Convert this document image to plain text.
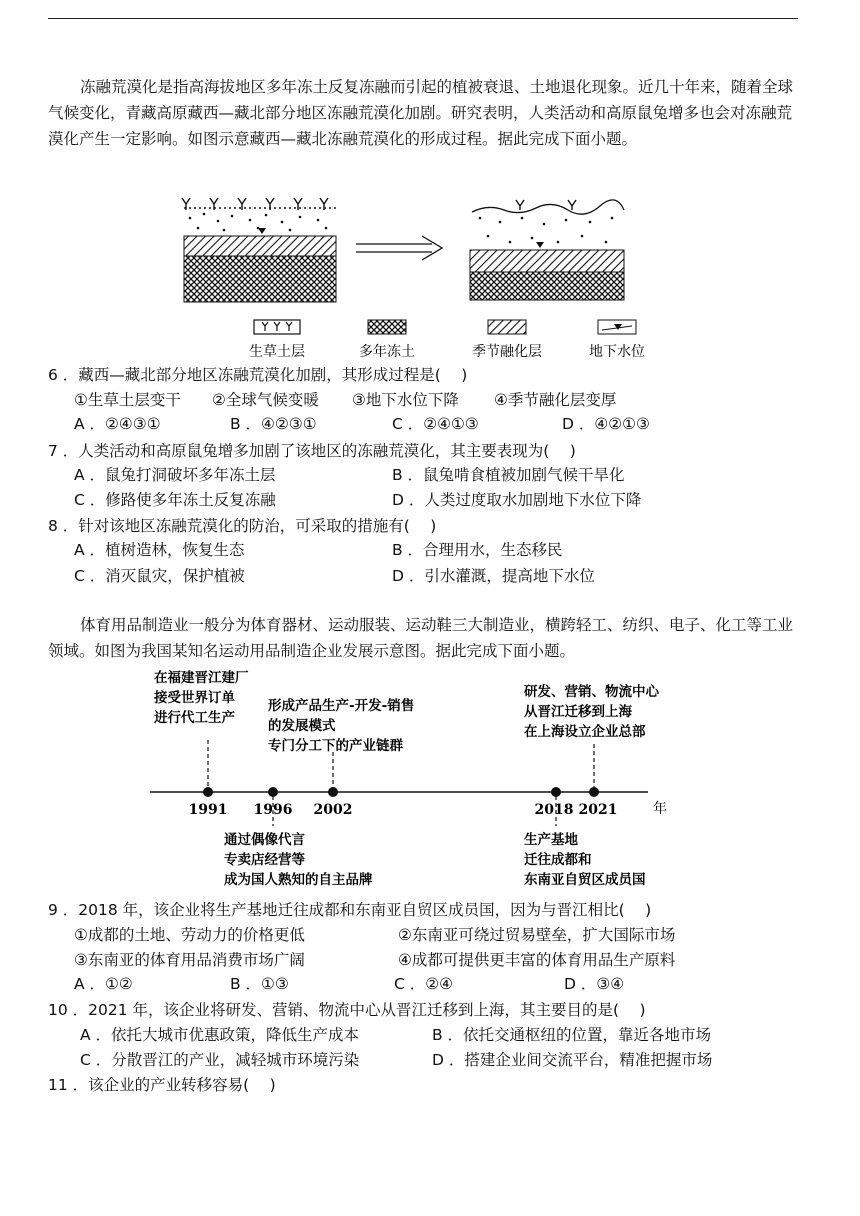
冻融荒漠化是指高海拔地区多年冻土反复冻融而引起的植被衰退、土地退化现象。近几十年来，随着全球气候变化，青藏高原藏西—藏北部分地区冻融荒漠化加剧。研究表明，人类活动和高原鼠兔增多也会对冻融荒漠化产生一定影响。如图示意藏西—藏北冻融荒漠化的形成过程。据此完成下面小题。

生草土层	多年冻土	季节融化层	地下水位
6 ．藏西—藏北部分地区冻融荒漠化加剧，其形成过程是(　 )
①生草土层变干 ②全球气候变暖 ③地下水位下降 ④季节融化层变厚
A ．②④③①	B ．④②③①	C ．②④①③	D ．④②①③
7 ．人类活动和高原鼠兔增多加剧了该地区的冻融荒漠化，其主要表现为(　 )
A ．鼠兔打洞破坏多年冻土层	B ．鼠兔啃食植被加剧气候干旱化
C ．修路使多年冻土反复冻融	D ．人类过度取水加剧地下水位下降
8 ．针对该地区冻融荒漠化的防治，可采取的措施有(　 )
A ．植树造林，恢复生态	B ．合理用水，生态移民
C ．消灭鼠灾，保护植被	D ．引水灌溉，提高地下水位

体育用品制造业一般分为体育器材、运动服装、运动鞋三大制造业，横跨轻工、纺织、电子、化工等工业领域。如图为我国某知名运动用品制造企业发展示意图。据此完成下面小题。

1991 1996 2002	2018 2021	年
在福建晋江建厂
接受世界订单
进行代工生产
形成产品生产-开发-销售
的发展模式
专门分工下的产业链群
研发、营销、物流中心
从晋江迁移到上海
在上海设立企业总部
通过偶像代言
专卖店经营等
成为国人熟知的自主品牌
生产基地
迁往成都和
东南亚自贸区成员国
9 ．2018 年，该企业将生产基地迁往成都和东南亚自贸区成员国，因为与晋江相比(　 )
①成都的土地、劳动力的价格更低	②东南亚可绕过贸易壁垒，扩大国际市场
③东南亚的体育用品消费市场广阔	④成都可提供更丰富的体育用品生产原料
A ．①②	B ．①③	C ．②④	D ．③④
10 ．2021 年，该企业将研发、营销、物流中心从晋江迁移到上海，其主要目的是(　 )
A ．依托大城市优惠政策，降低生产成本	B ．依托交通枢纽的位置，靠近各地市场
C ．分散晋江的产业，减轻城市环境污染	D ．搭建企业间交流平台，精准把握市场
11 ．该企业的产业转移容易(　 )
